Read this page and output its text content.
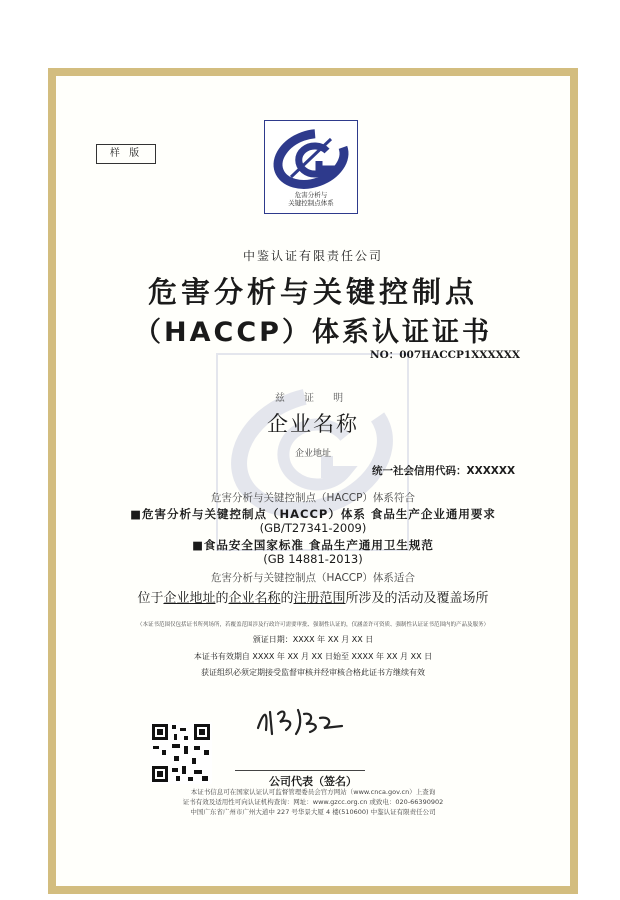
样 版
危害分析与
关键控制点体系
中鉴认证有限责任公司
危害分析与关键控制点
（HACCP）体系认证证书
NO：007HACCP1XXXXXX
兹 证 明
企业名称
企业地址
统一社会信用代码：XXXXXX
危害分析与关键控制点（HACCP）体系符合
■危害分析与关键控制点（HACCP）体系 食品生产企业通用要求
(GB/T27341-2009)
■食品安全国家标准 食品生产通用卫生规范
(GB 14881-2013)
危害分析与关键控制点（HACCP）体系适合
位于企业地址的企业名称的注册范围所涉及的活动及覆盖场所
（本证书范围仅包括证书所列场所，若覆盖范围涉及行政许可需要审批、强制性认证的，仅涵盖许可资质、强制性认证证书范围内的产品及服务）
颁证日期：XXXX 年 XX 月 XX 日
本证书有效期自 XXXX 年 XX 月 XX 日始至 XXXX 年 XX 月 XX 日
获证组织必须定期接受监督审核并经审核合格此证书方继续有效
公司代表（签名）
本证书信息可在国家认证认可监督管理委员会官方网站（www.cnca.gov.cn）上查询
证书有效及适用性可向认证机构查询：网址：www.gzcc.org.cn 或致电：020-66390902
中国广东省广州市广州大道中 227 号华景大厦 4 楼(510600) 中鉴认证有限责任公司
